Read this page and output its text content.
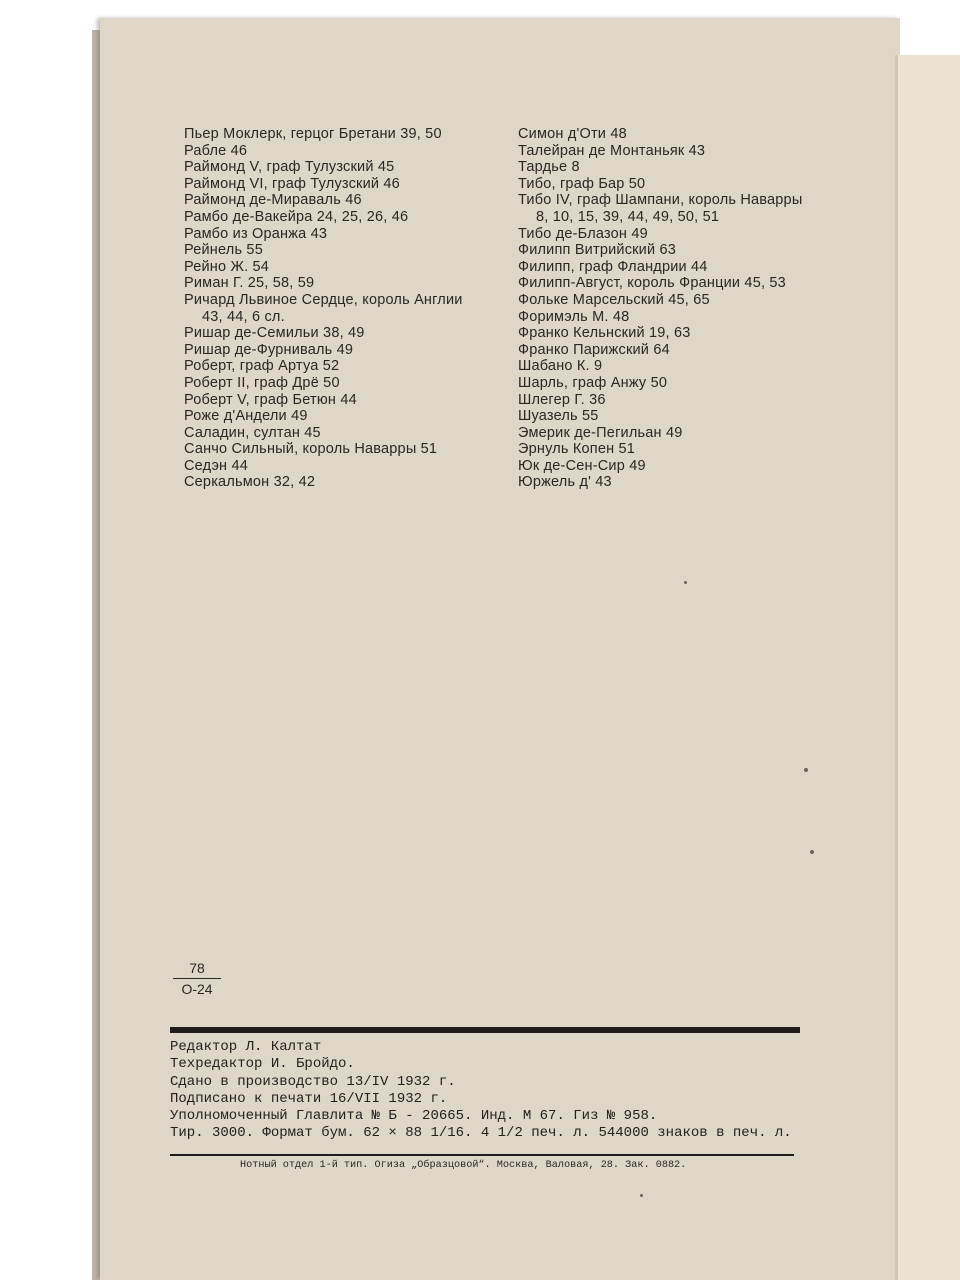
Пьер Моклерк, герцог Бретани 39, 50
Рабле 46
Раймонд V, граф Тулузский 45
Раймонд VI, граф Тулузский 46
Раймонд де-Мираваль 46
Рамбо де-Вакейра 24, 25, 26, 46
Рамбо из Оранжа 43
Рейнель 55
Рейно Ж. 54
Риман Г. 25, 58, 59
Ричард Львиное Сердце, король Англии
43, 44, 6 сл.
Ришар де-Семильи 38, 49
Ришар де-Фурниваль 49
Роберт, граф Артуа 52
Роберт II, граф Дрё 50
Роберт V, граф Бетюн 44
Роже д'Андели 49
Саладин, султан 45
Санчо Сильный, король Наварры 51
Седэн 44
Серкальмон 32, 42
Симон д'Оти 48
Талейран де Монтаньяк 43
Тардье 8
Тибо, граф Бар 50
Тибо IV, граф Шампани, король Наварры
8, 10, 15, 39, 44, 49, 50, 51
Тибо де-Блазон 49
Филипп Витрийский 63
Филипп, граф Фландрии 44
Филипп-Август, король Франции 45, 53
Фольке Марсельский 45, 65
Форимэль М. 48
Франко Кельнский 19, 63
Франко Парижский 64
Шабано К. 9
Шарль, граф Анжу 50
Шлегер Г. 36
Шуазель 55
Эмерик де-Пегильан 49
Эрнуль Копен 51
Юк де-Сен-Сир 49
Юржель д' 43
78
О-24
Редактор Л. Калтат
Техредактор И. Бройдо.
Сдано в производство 13/IV 1932 г.
Подписано к печати 16/VII 1932 г.
Уполномоченный Главлита № Б - 20665. Инд. М 67. Гиз № 958.
Тир. 3000. Формат бум. 62 × 88 1/16. 4 1/2 печ. л. 544000 знаков в печ. л.
Нотный отдел 1-й тип. Огиза „Образцовой“. Москва, Валовая, 28. Зак. 0882.
